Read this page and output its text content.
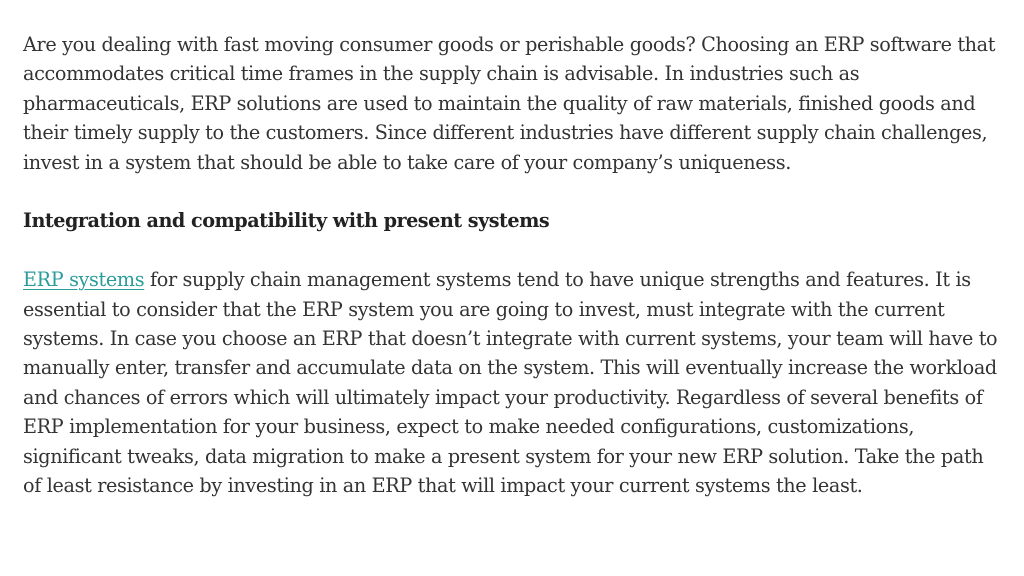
Are you dealing with fast moving consumer goods or perishable goods? Choosing an ERP software that accommodates critical time frames in the supply chain is advisable. In industries such as pharmaceuticals, ERP solutions are used to maintain the quality of raw materials, finished goods and their timely supply to the customers. Since different industries have different supply chain challenges, invest in a system that should be able to take care of your company’s uniqueness.

Integration and compatibility with present systems

ERP systems for supply chain management systems tend to have unique strengths and features. It is essential to consider that the ERP system you are going to invest, must integrate with the current systems. In case you choose an ERP that doesn’t integrate with current systems, your team will have to manually enter, transfer and accumulate data on the system. This will eventually increase the workload and chances of errors which will ultimately impact your productivity. Regardless of several benefits of ERP implementation for your business, expect to make needed configurations, customizations, significant tweaks, data migration to make a present system for your new ERP solution. Take the path of least resistance by investing in an ERP that will impact your current systems the least.
